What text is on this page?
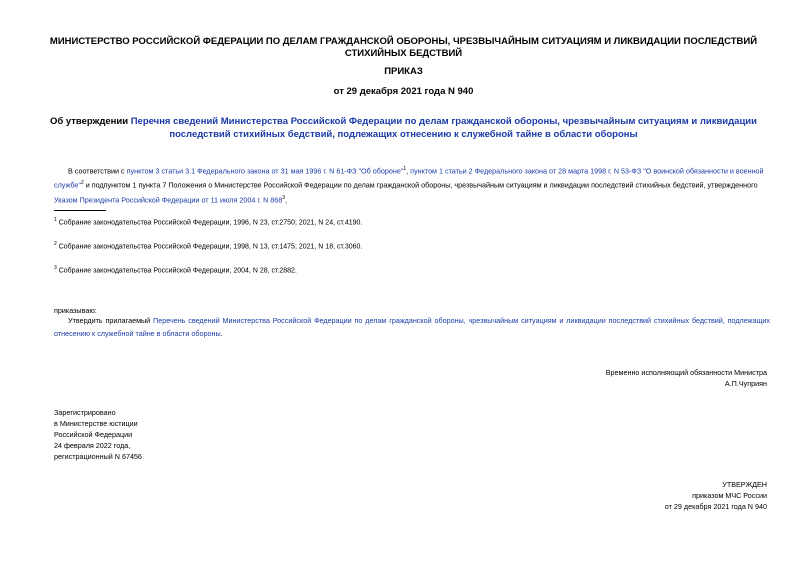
МИНИСТЕРСТВО РОССИЙСКОЙ ФЕДЕРАЦИИ ПО ДЕЛАМ ГРАЖДАНСКОЙ ОБОРОНЫ, ЧРЕЗВЫЧАЙНЫМ СИТУАЦИЯМ И ЛИКВИДАЦИИ ПОСЛЕДСТВИЙ СТИХИЙНЫХ БЕДСТВИЙ
ПРИКАЗ
от 29 декабря 2021 года N 940
Об утверждении Перечня сведений Министерства Российской Федерации по делам гражданской обороны, чрезвычайным ситуациям и ликвидации последствий стихийных бедствий, подлежащих отнесению к служебной тайне в области обороны
В соответствии с пунктом 3 статьи 3.1 Федерального закона от 31 мая 1996 г. N 61-ФЗ "Об обороне"$^1$, пунктом 1 статьи 2 Федерального закона от 28 марта 1998 г. N 53-ФЗ "О воинской обязанности и военной службе"$^2$ и подпунктом 1 пункта 7 Положения о Министерстве Российской Федерации по делам гражданской обороны, чрезвычайным ситуациям и ликвидации последствий стихийных бедствий, утвержденного Указом Президента Российской Федерации от 11 июля 2004 г. N 868$^3$,
$^1$ Собрание законодательства Российской Федерации, 1996, N 23, ст.2750; 2021, N 24, ст.4190.
$^2$ Собрание законодательства Российской Федерации, 1998, N 13, ст.1475; 2021, N 18, ст.3060.
$^3$ Собрание законодательства Российской Федерации, 2004, N 28, ст.2882.
приказываю:
Утвердить прилагаемый Перечень сведений Министерства Российской Федерации по делам гражданской обороны, чрезвычайным ситуациям и ликвидации последствий стихийных бедствий, подлежащих отнесению к служебной тайне в области обороны.
Временно исполняющий обязанности Министра
А.П.Чуприян
Зарегистрировано
в Министерстве юстиции
Российской Федерации
24 февраля 2022 года,
регистрационный N 67456
УТВЕРЖДЕН
приказом МЧС России
от 29 декабря 2021 года N 940
